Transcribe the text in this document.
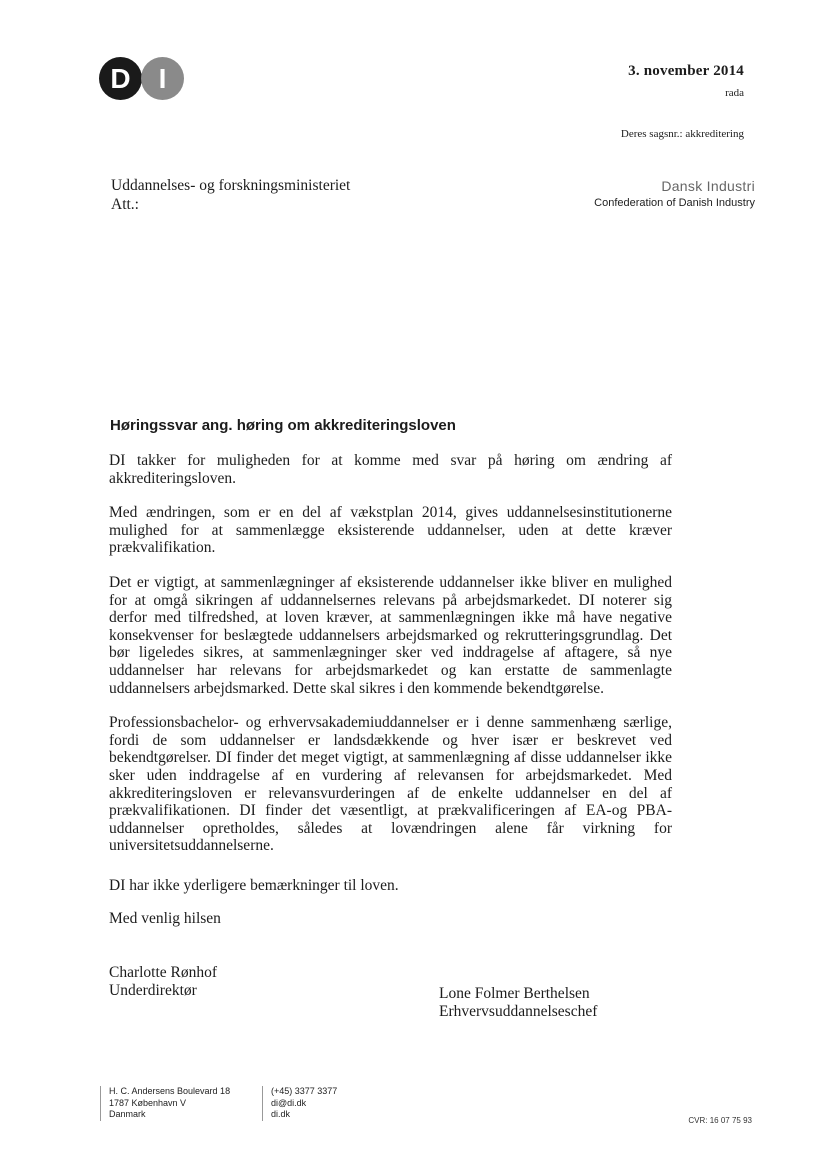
D	I	3. november 2014
rada
Deres sagsnr.: akkreditering
Dansk Industri
Confederation of Danish Industry
Uddannelses- og forskningsministeriet
Att.:
Høringssvar ang. høring om akkrediteringsloven

DI takker for muligheden for at komme med svar på høring om ændring af akkrediteringsloven.

Med ændringen, som er en del af vækstplan 2014, gives uddannelsesinstitutionerne mulighed for at sammenlægge eksisterende uddannelser, uden at dette kræver prækvalifikation.

Det er vigtigt, at sammenlægninger af eksisterende uddannelser ikke bliver en mulighed for at omgå sikringen af uddannelsernes relevans på arbejdsmarkedet. DI noterer sig derfor med tilfredshed, at loven kræver, at sammenlægningen ikke må have negative konsekvenser for beslægtede uddannelsers arbejdsmarked og rekrutteringsgrundlag. Det bør ligeledes sikres, at sammenlægninger sker ved inddragelse af aftagere, så nye uddannelser har relevans for arbejdsmarkedet og kan erstatte de sammenlagte uddannelsers arbejdsmarked. Dette skal sikres i den kommende bekendtgørelse.

Professionsbachelor- og erhvervsakademiuddannelser er i denne sammenhæng særlige, fordi de som uddannelser er landsdækkende og hver især er beskrevet ved bekendtgørelser. DI finder det meget vigtigt, at sammenlægning af disse uddannelser ikke sker uden inddragelse af en vurdering af relevansen for arbejdsmarkedet. Med akkrediteringsloven er relevansvurderingen af de enkelte uddannelser en del af prækvalifikationen. DI finder det væsentligt, at prækvalificeringen af EA-og PBA-uddannelser opretholdes, således at lovændringen alene får virkning for universitetsuddannelserne.

DI har ikke yderligere bemærkninger til loven.

Med venlig hilsen

Charlotte Rønhof
Underdirektør	Lone Folmer Berthelsen
Erhvervsuddannelseschef
H. C. Andersens Boulevard 18
1787 København V
Danmark
(+45) 3377 3377
di@di.dk
di.dk
CVR: 16 07 75 93
